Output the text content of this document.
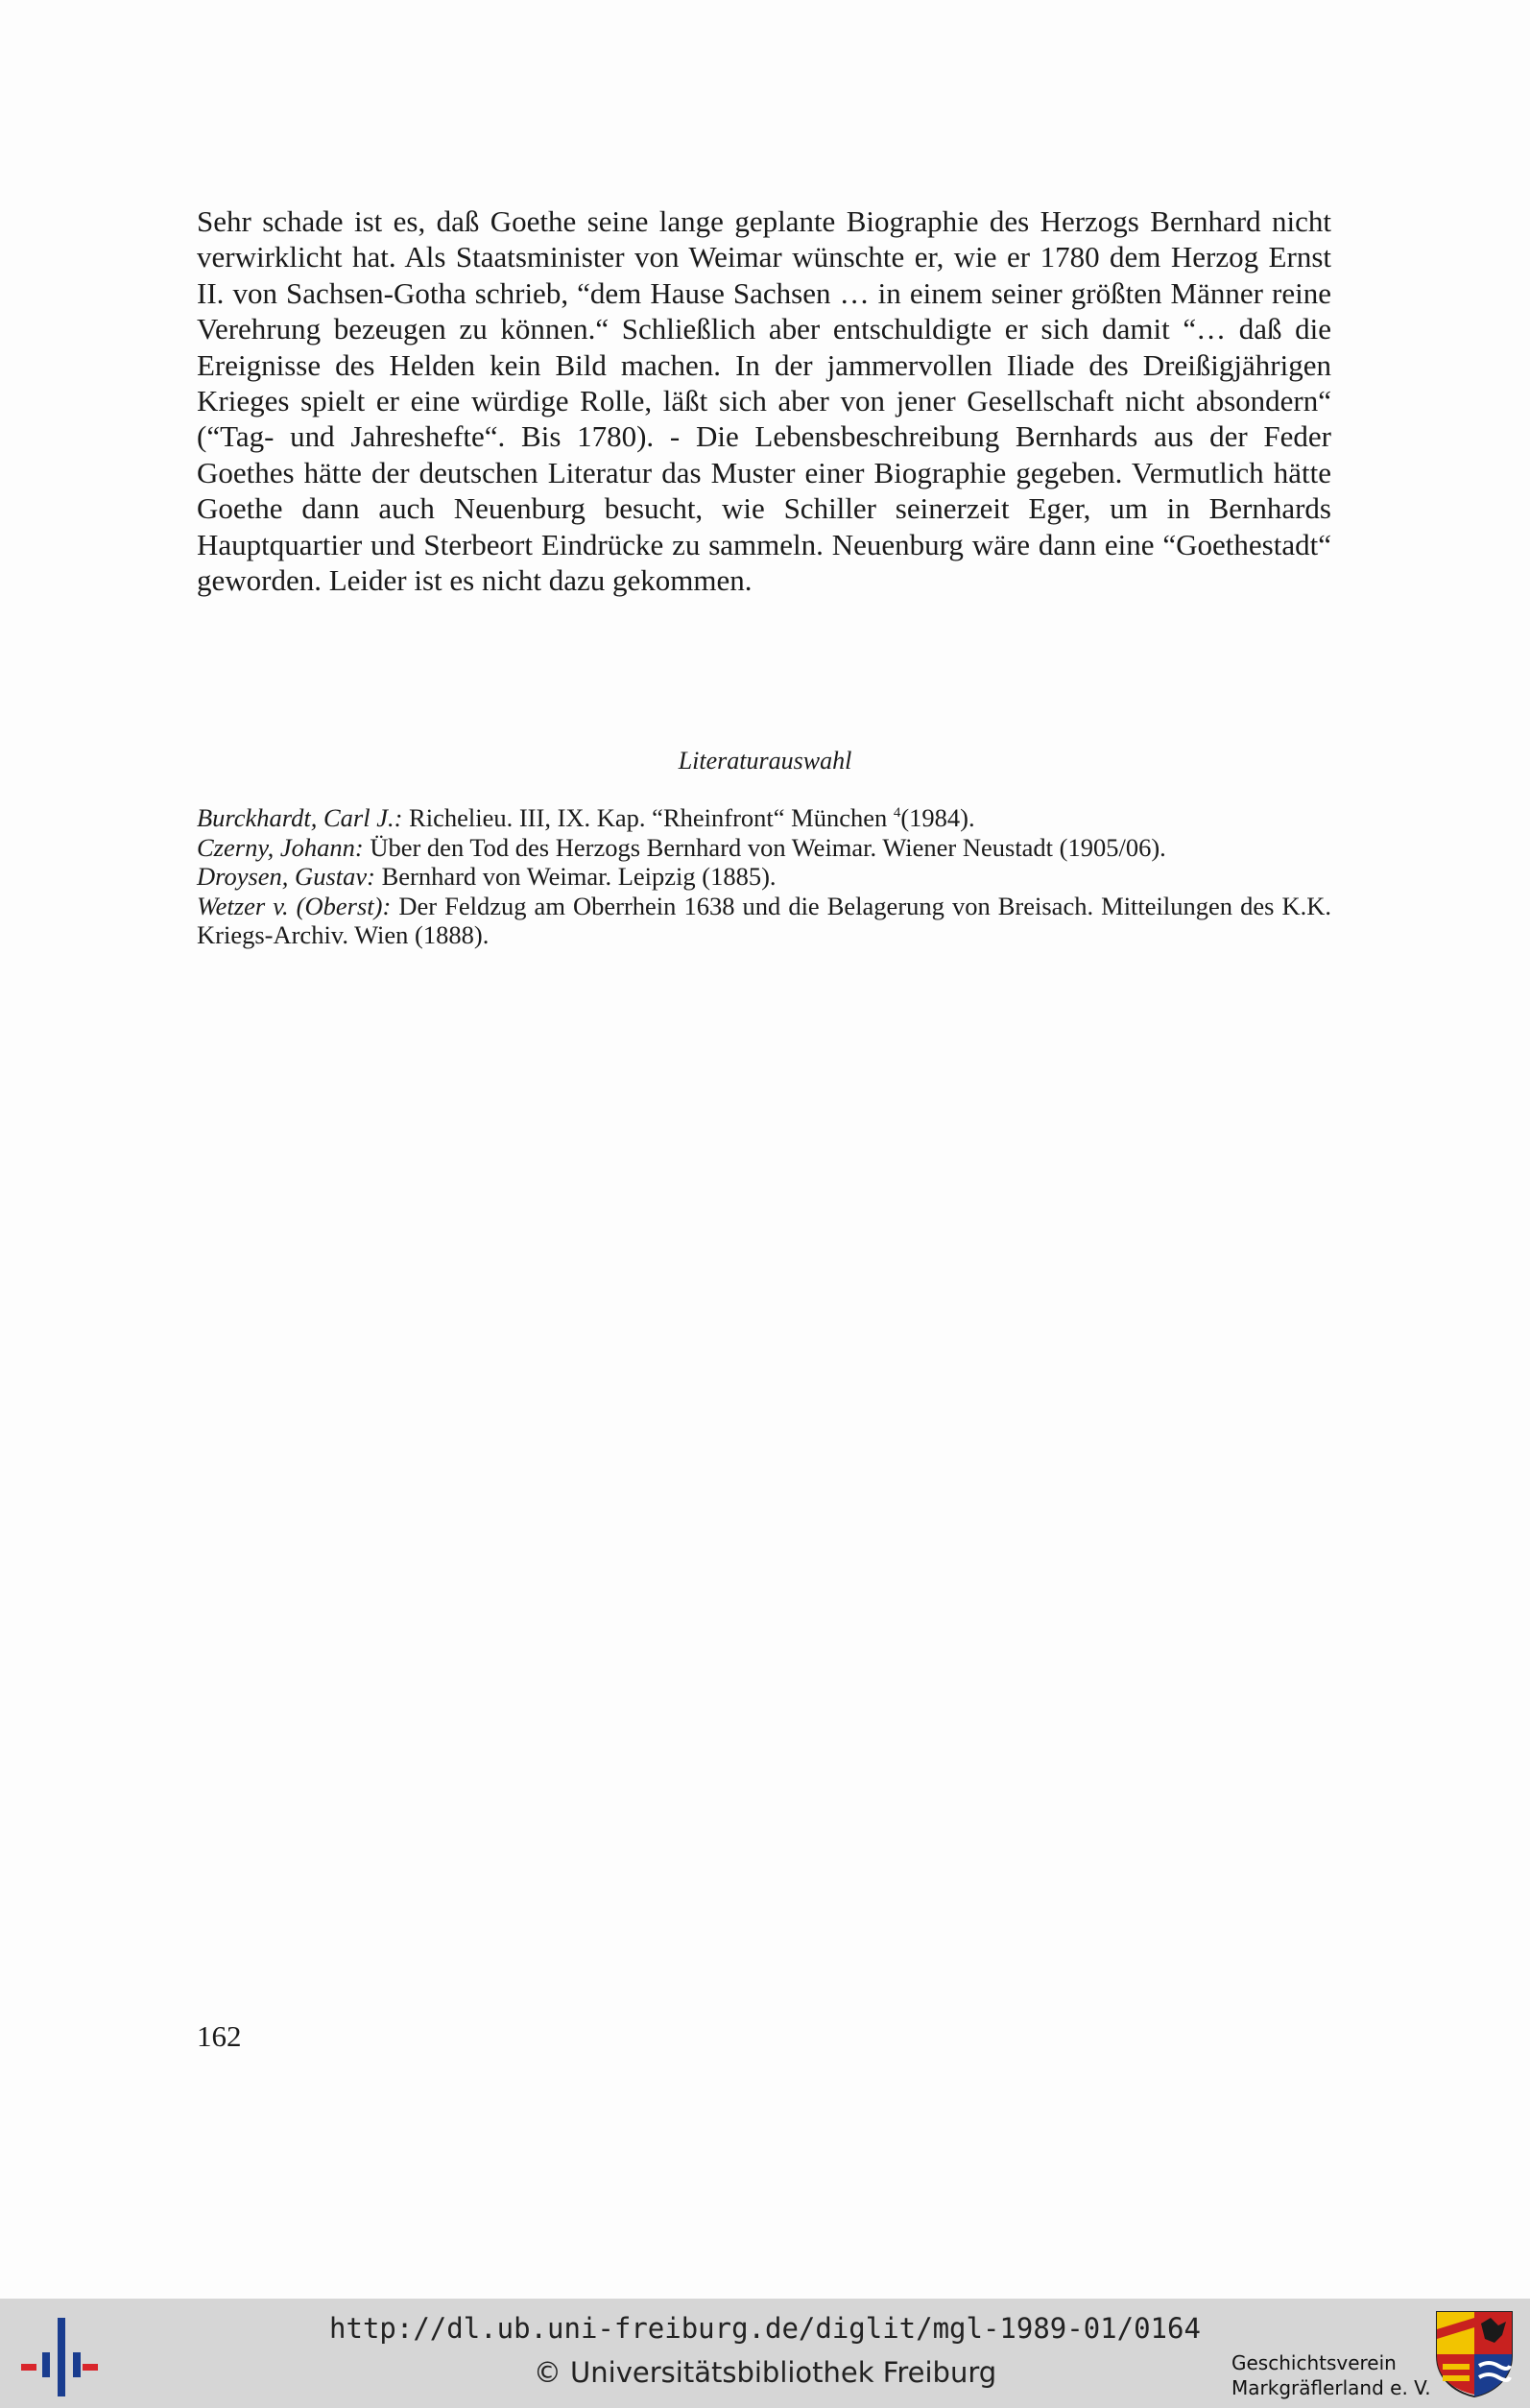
Sehr schade ist es, daß Goethe seine lange geplante Biographie des Herzogs Bernhard nicht verwirklicht hat. Als Staatsminister von Weimar wünschte er, wie er 1780 dem Herzog Ernst II. von Sachsen-Gotha schrieb, “dem Hause Sachsen … in einem seiner größten Männer reine Verehrung bezeugen zu können.“ Schließlich aber entschuldigte er sich damit “… daß die Ereignisse des Helden kein Bild machen. In der jammervollen Iliade des Dreißigjährigen Krieges spielt er eine würdige Rolle, läßt sich aber von jener Gesellschaft nicht absondern“ (“Tag- und Jahreshefte“. Bis 1780). - Die Lebensbeschreibung Bernhards aus der Feder Goethes hätte der deutschen Literatur das Muster einer Biographie gegeben. Vermutlich hätte Goethe dann auch Neuenburg besucht, wie Schiller seinerzeit Eger, um in Bernhards Hauptquartier und Sterbeort Eindrücke zu sammeln. Neuenburg wäre dann eine “Goethestadt“ geworden. Leider ist es nicht dazu gekommen.

Literaturauswahl

Burckhardt, Carl J.: Richelieu. III, IX. Kap. “Rheinfront“ München $^4$(1984).
Czerny, Johann: Über den Tod des Herzogs Bernhard von Weimar. Wiener Neustadt (1905/06).
Droysen, Gustav: Bernhard von Weimar. Leipzig (1885).
Wetzer v. (Oberst): Der Feldzug am Oberrhein 1638 und die Belagerung von Breisach. Mitteilungen des K.K. Kriegs-Archiv. Wien (1888).
162
http://dl.ub.uni-freiburg.de/diglit/mgl-1989-01/0164
© Universitätsbibliothek Freiburg	Geschichtsverein
Markgräflerland e. V.
